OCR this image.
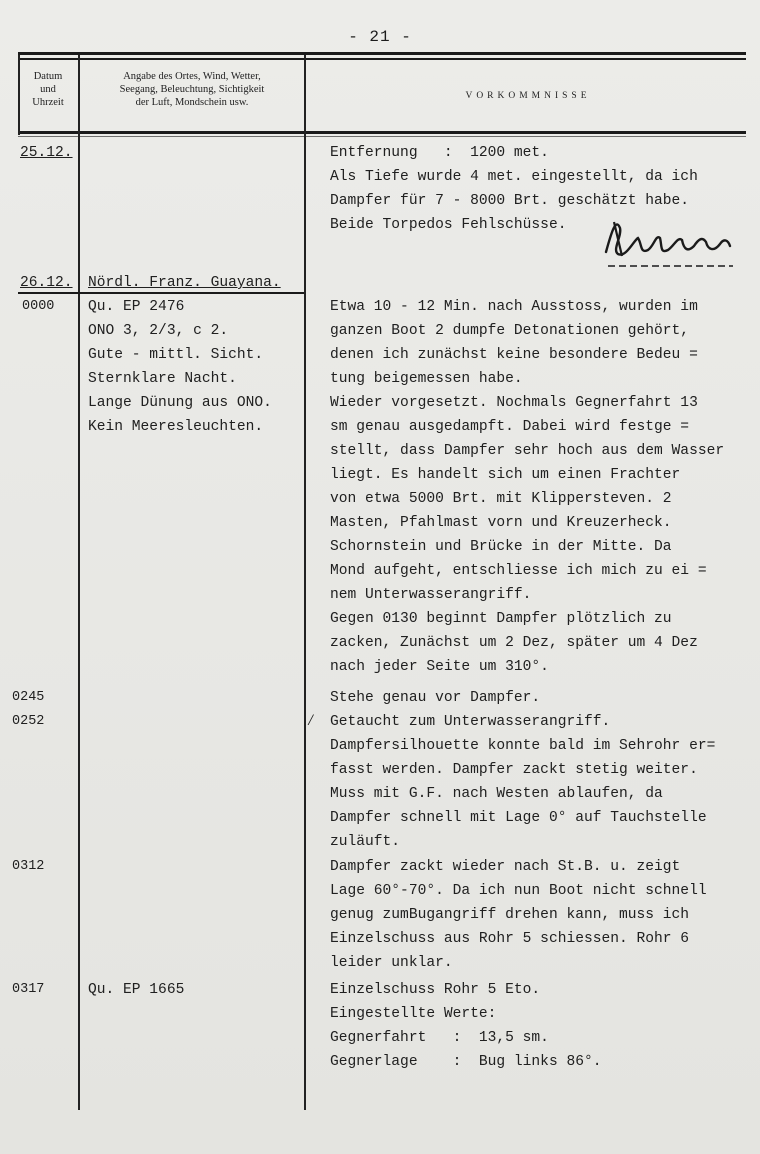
- 21 -
Datum
und
Uhrzeit
Angabe des Ortes, Wind, Wetter,
Seegang, Beleuchtung, Sichtigkeit
der Luft, Mondschein usw.
VORKOMMNISSE
25.12.
26.12.
0000
0245
0252
0312
0317
Nördl. Franz. Guayana.
Qu. EP 2476
ONO 3, 2/3, c 2.
Gute - mittl. Sicht.
Sternklare Nacht.
Lange Dünung aus ONO.
Kein Meeresleuchten.
Qu. EP 1665
Entfernung   :  1200 met.
Als Tiefe wurde 4 met. eingestellt, da ich
Dampfer für 7 - 8000 Brt. geschätzt habe.
Beide Torpedos Fehlschüsse.
Etwa 10 - 12 Min. nach Ausstoss, wurden im
ganzen Boot 2 dumpfe Detonationen gehört,
denen ich zunächst keine besondere Bedeu =
tung beigemessen habe.
Wieder vorgesetzt. Nochmals Gegnerfahrt 13
sm genau ausgedampft. Dabei wird festge =
stellt, dass Dampfer sehr hoch aus dem Wasser
liegt. Es handelt sich um einen Frachter
von etwa 5000 Brt. mit Klippersteven. 2
Masten, Pfahlmast vorn und Kreuzerheck.
Schornstein und Brücke in der Mitte. Da
Mond aufgeht, entschliesse ich mich zu ei =
nem Unterwasserangriff.
Gegen 0130 beginnt Dampfer plötzlich zu
zacken, Zunächst um 2 Dez, später um 4 Dez
nach jeder Seite um 310°.
Stehe genau vor Dampfer.
Getaucht zum Unterwasserangriff.
Dampfersilhouette konnte bald im Sehrohr er=
fasst werden. Dampfer zackt stetig weiter.
Muss mit G.F. nach Westen ablaufen, da
Dampfer schnell mit Lage 0° auf Tauchstelle
zuläuft.
Dampfer zackt wieder nach St.B. u. zeigt
Lage 60°-70°. Da ich nun Boot nicht schnell
genug zumBugangriff drehen kann, muss ich
Einzelschuss aus Rohr 5 schiessen. Rohr 6
leider unklar.
Einzelschuss Rohr 5 Eto.
Eingestellte Werte:
Gegnerfahrt   :  13,5 sm.
Gegnerlage    :  Bug links 86°.
⁄
